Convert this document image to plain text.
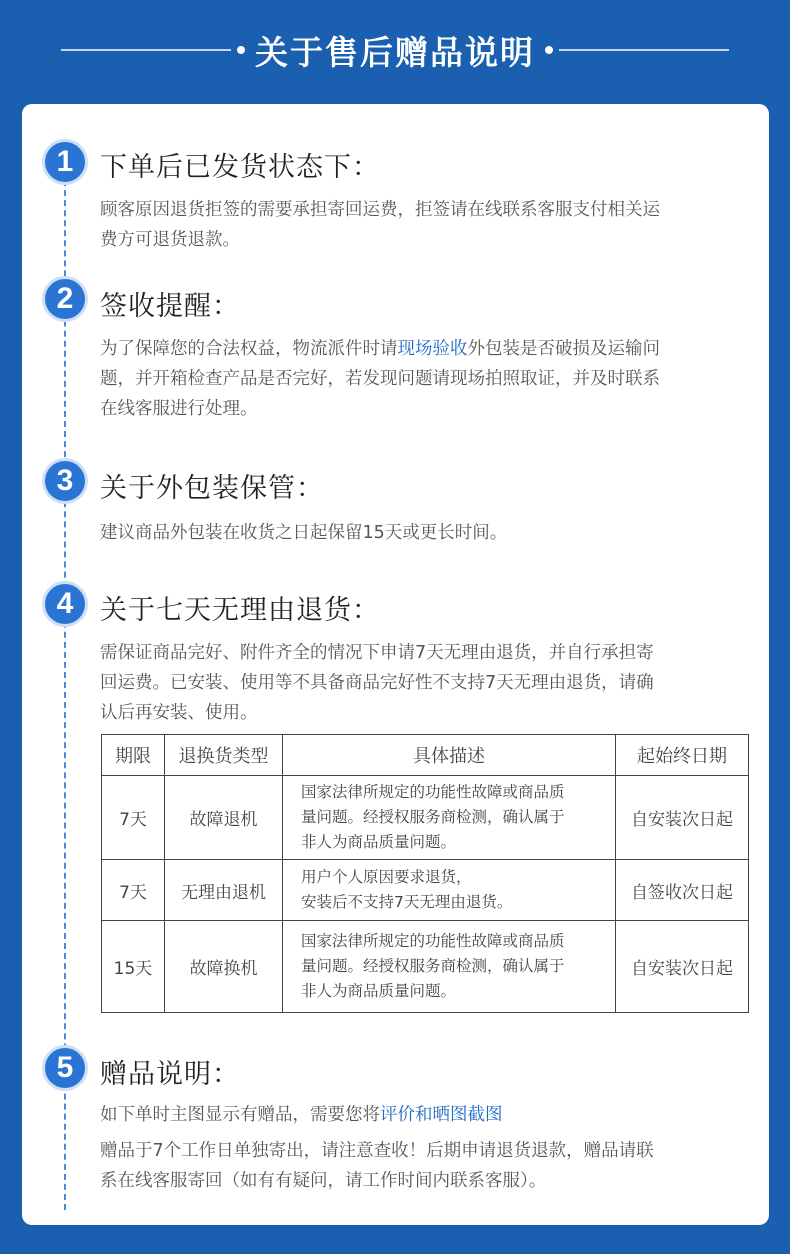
关于售后赠品说明
1 下单后已发货状态下：
顾客原因退货拒签的需要承担寄回运费，拒签请在线联系客服支付相关运
费方可退货退款。
2 签收提醒：
为了保障您的合法权益，物流派件时请现场验收外包装是否破损及运输问
题，并开箱检查产品是否完好，若发现问题请现场拍照取证，并及时联系
在线客服进行处理。
3 关于外包装保管：
建议商品外包装在收货之日起保留15天或更长时间。
4 关于七天无理由退货：
需保证商品完好、附件齐全的情况下申请7天无理由退货，并自行承担寄
回运费。已安装、使用等不具备商品完好性不支持7天无理由退货，请确
认后再安装、使用。
期限	退换货类型	具体描述	起始终日期
7天	故障退机	国家法律所规定的功能性故障或商品质
量问题。经授权服务商检测，确认属于
非人为商品质量问题。	自安装次日起
7天	无理由退机	用户个人原因要求退货，
安装后不支持7天无理由退货。	自签收次日起
15天	故障换机	国家法律所规定的功能性故障或商品质
量问题。经授权服务商检测，确认属于
非人为商品质量问题。	自安装次日起
5 赠品说明：
如下单时主图显示有赠品，需要您将评价和晒图截图
赠品于7个工作日单独寄出，请注意查收！后期申请退货退款，赠品请联
系在线客服寄回（如有有疑问，请工作时间内联系客服）。
